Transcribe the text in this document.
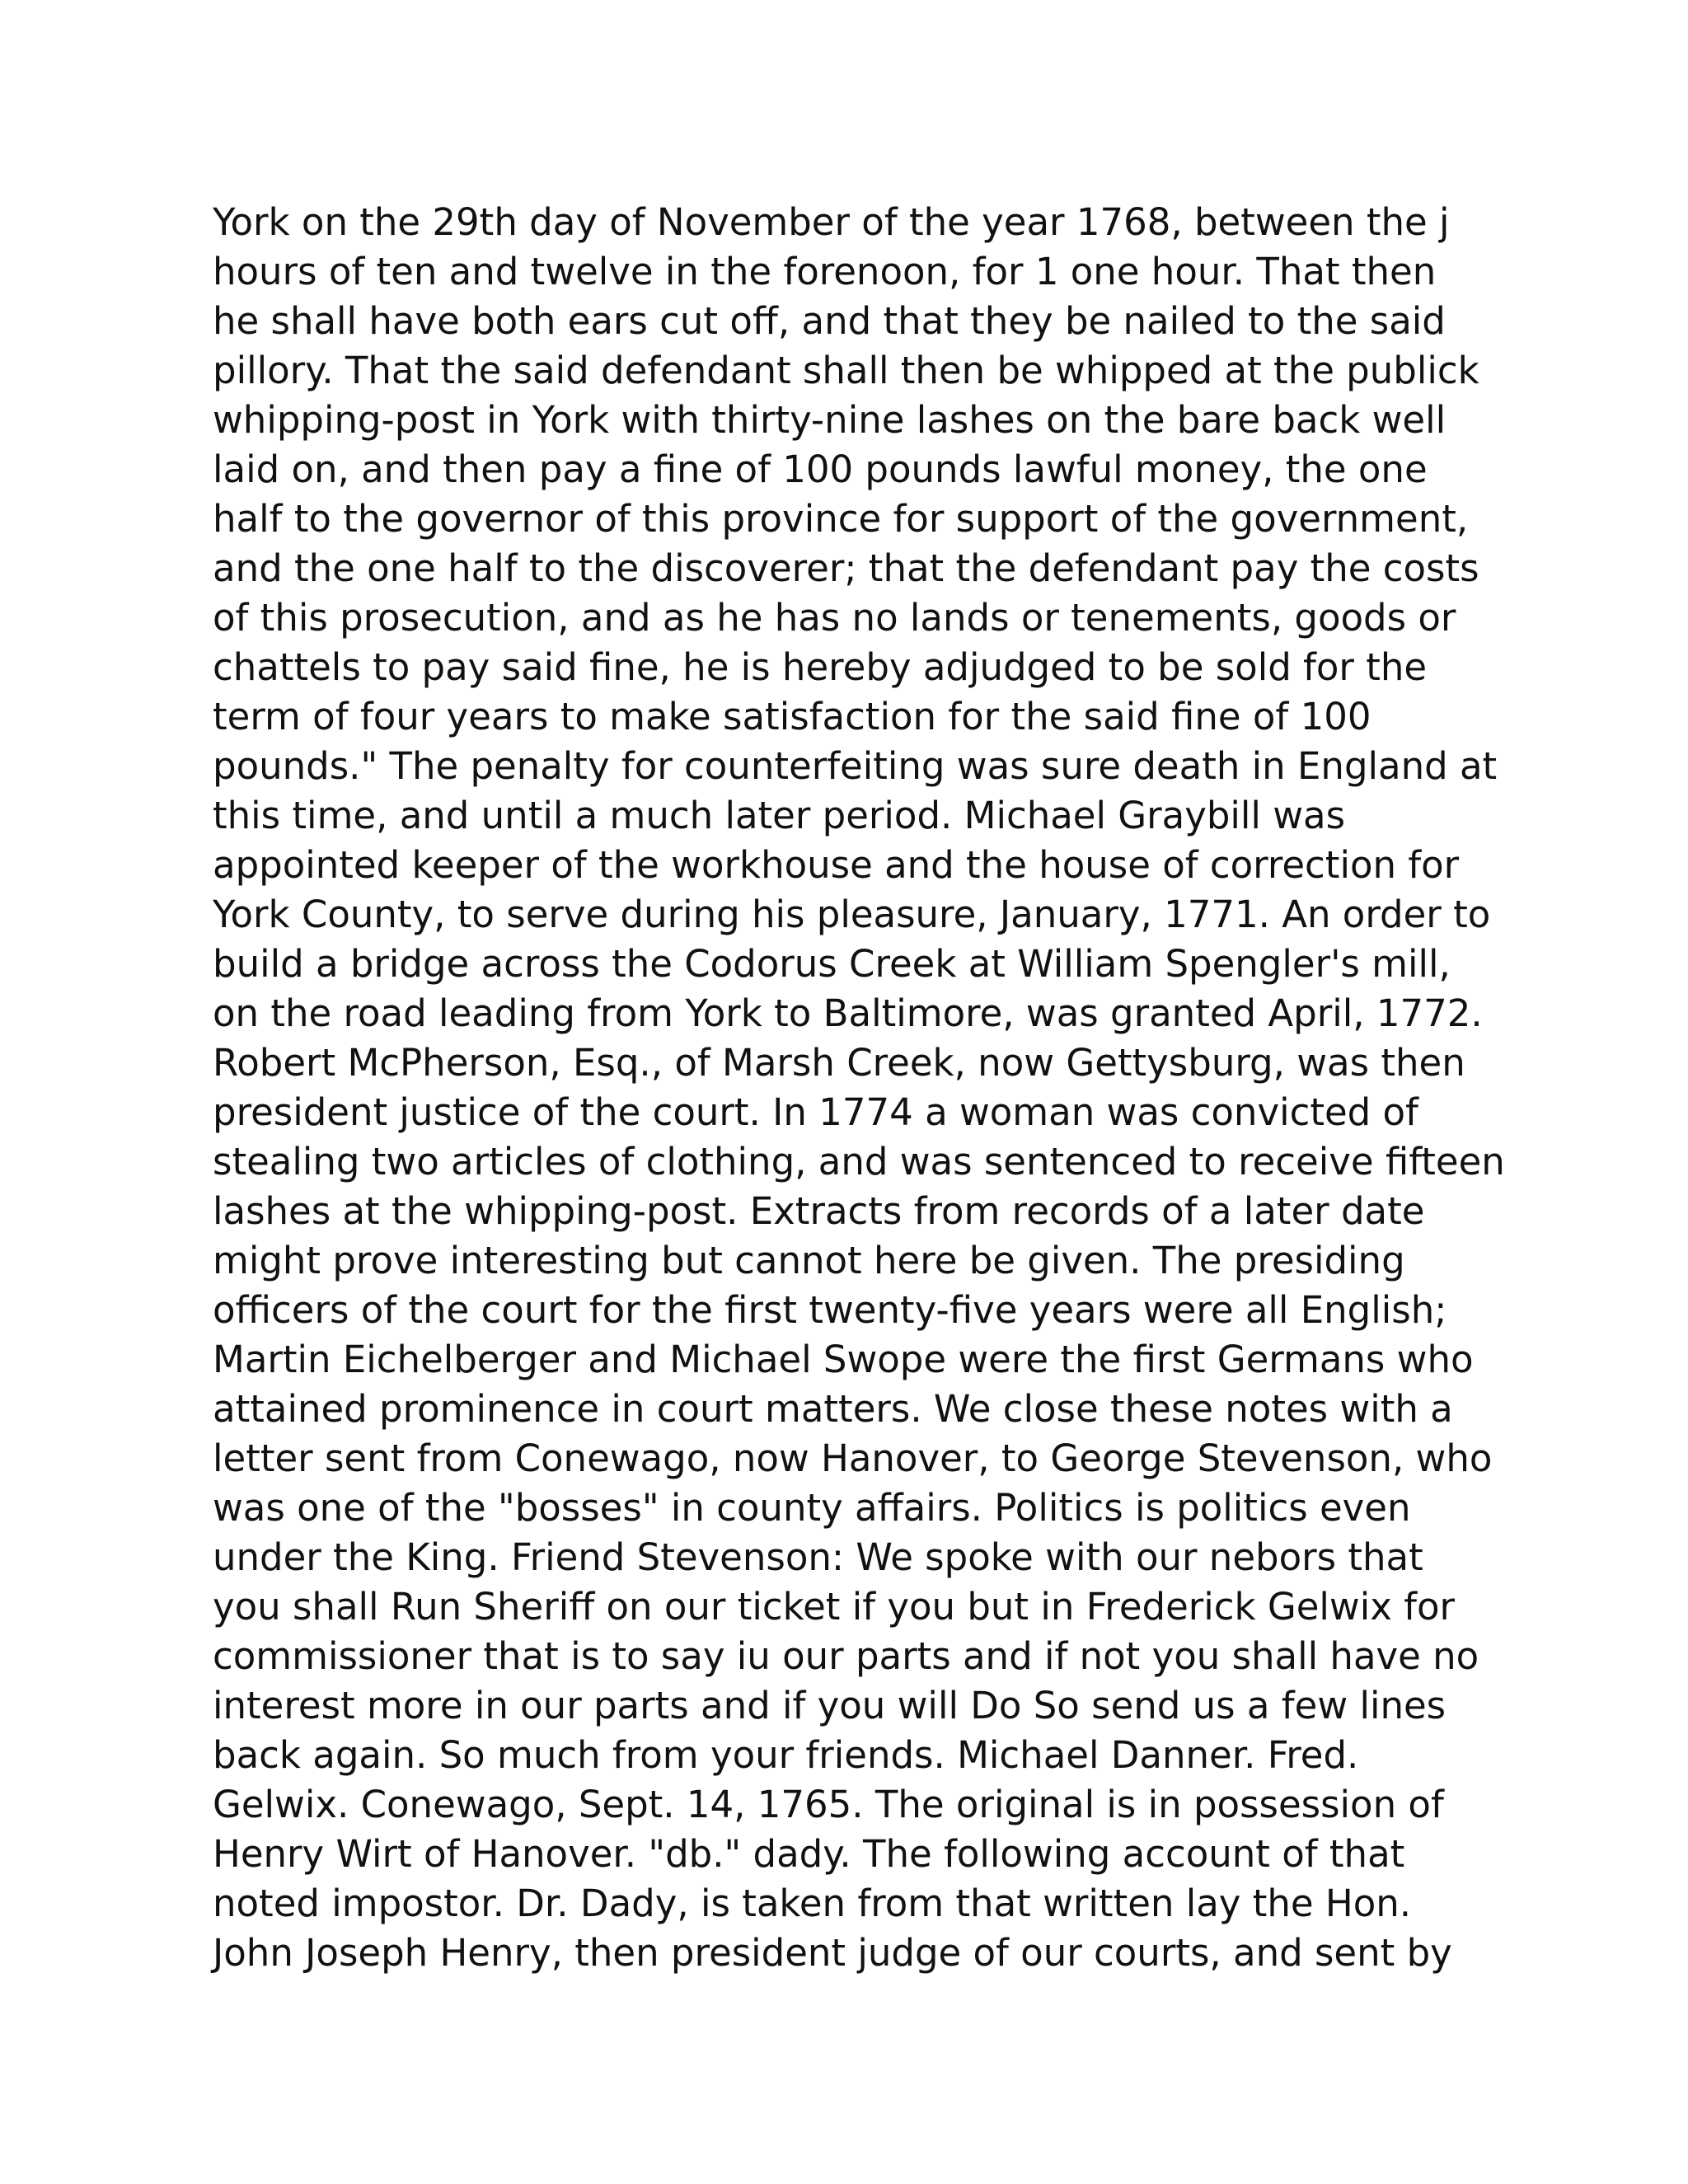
York on the 29th day of November of the year 1768, between the j
hours of ten and twelve in the forenoon, for 1 one hour. That then
he shall have both ears cut off, and that they be nailed to the said
pillory. That the said defendant shall then be whipped at the publick
whipping-post in York with thirty-nine lashes on the bare back well
laid on, and then pay a fine of 100 pounds lawful money, the one
half to the governor of this province for support of the government,
and the one half to the discoverer; that the defendant pay the costs
of this prosecution, and as he has no lands or tenements, goods or
chattels to pay said fine, he is hereby adjudged to be sold for the
term of four years to make satisfaction for the said fine of 100
pounds." The penalty for counterfeiting was sure death in England at
this time, and until a much later period. Michael Graybill was
appointed keeper of the workhouse and the house of correction for
York County, to serve during his pleasure, January, 1771. An order to
build a bridge across the Codorus Creek at William Spengler's mill,
on the road leading from York to Baltimore, was granted April, 1772.
Robert McPherson, Esq., of Marsh Creek, now Gettysburg, was then
president justice of the court. In 1774 a woman was convicted of
stealing two articles of clothing, and was sentenced to receive fifteen
lashes at the whipping-post. Extracts from records of a later date
might prove interesting but cannot here be given. The presiding
officers of the court for the first twenty-five years were all English;
Martin Eichelberger and Michael Swope were the first Germans who
attained prominence in court matters. We close these notes with a
letter sent from Conewago, now Hanover, to George Stevenson, who
was one of the "bosses" in county affairs. Politics is politics even
under the King. Friend Stevenson: We spoke with our nebors that
you shall Run Sheriff on our ticket if you but in Frederick Gelwix for
commissioner that is to say iu our parts and if not you shall have no
interest more in our parts and if you will Do So send us a few lines
back again. So much from your friends. Michael Danner. Fred.
Gelwix. Conewago, Sept. 14, 1765. The original is in possession of
Henry Wirt of Hanover. "db." dady. The following account of that
noted impostor. Dr. Dady, is taken from that written lay the Hon.
John Joseph Henry, then president judge of our courts, and sent by
